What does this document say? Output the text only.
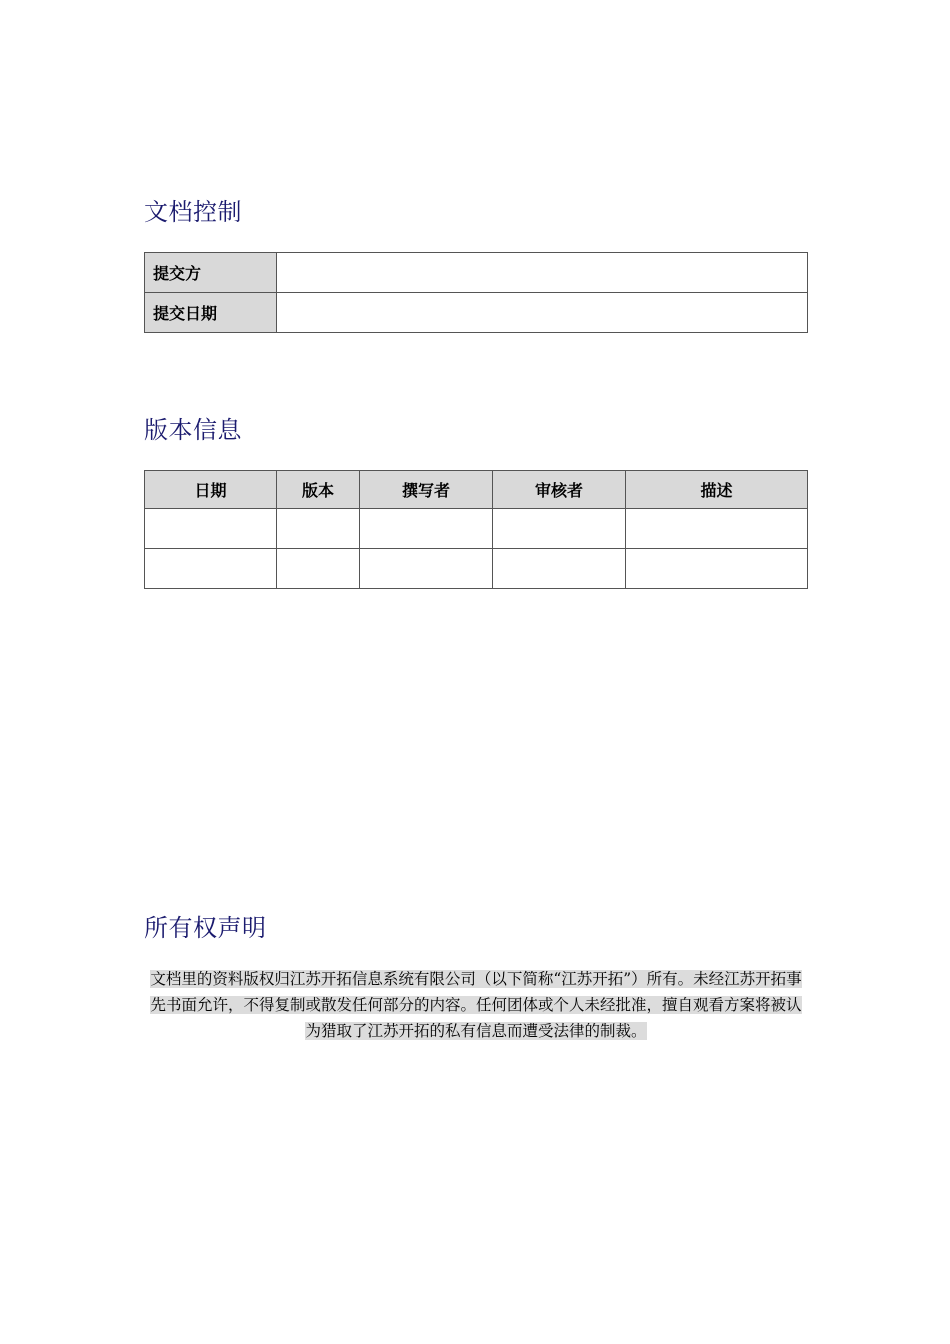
文档控制
提交方	
提交日期	
版本信息
日期	版本	撰写者	审核者	描述

所有权声明

文档里的资料版权归江苏开拓信息系统有限公司（以下简称“江苏开拓”）所有。未经江苏开拓事先书面允许，不得复制或散发任何部分的内容。任何团体或个人未经批准，擅自观看方案将被认为猎取了江苏开拓的私有信息而遭受法律的制裁。
